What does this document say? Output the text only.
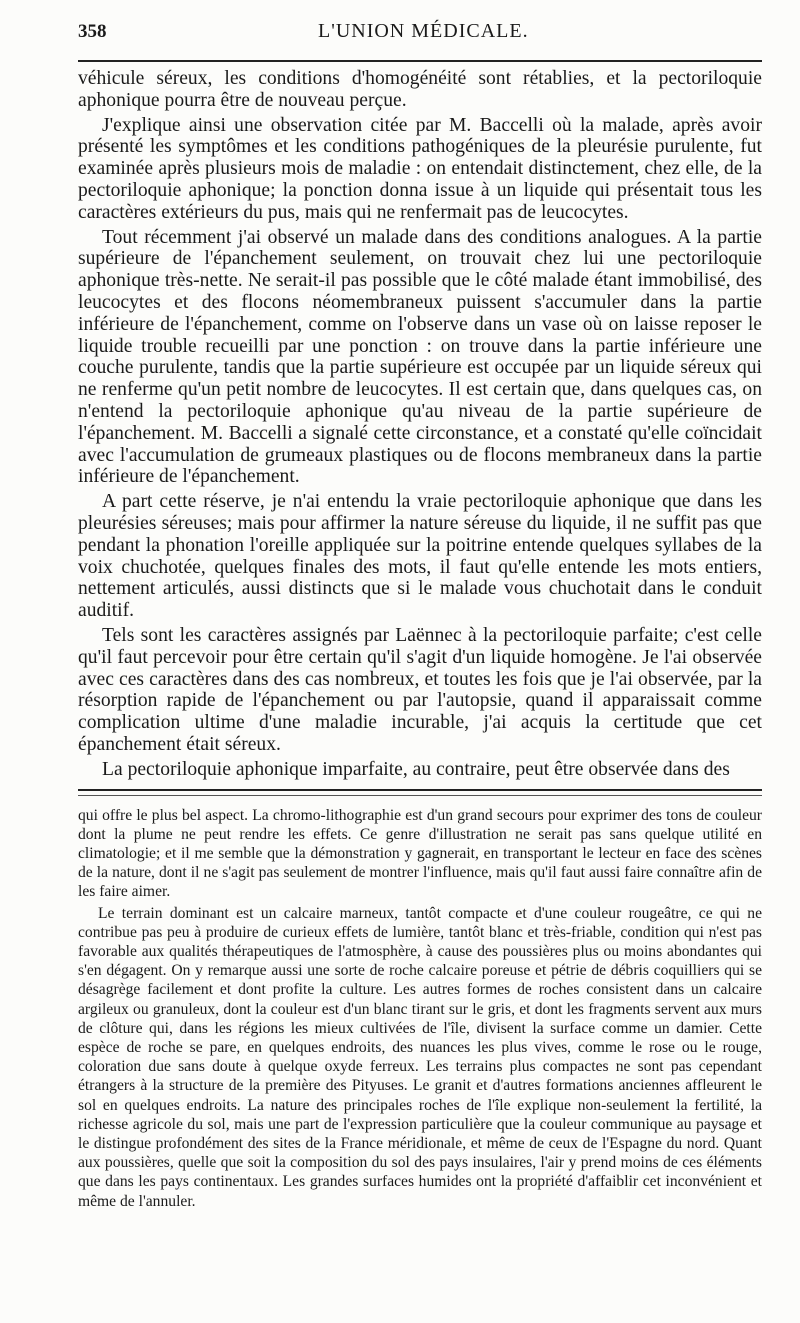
358	L'UNION MÉDICALE.

véhicule séreux, les conditions d'homogénéité sont rétablies, et la pectoriloquie aphonique pourra être de nouveau perçue.

J'explique ainsi une observation citée par M. Baccelli où la malade, après avoir présenté les symptômes et les conditions pathogéniques de la pleurésie purulente, fut examinée après plusieurs mois de maladie : on entendait distinctement, chez elle, de la pectoriloquie aphonique; la ponction donna issue à un liquide qui présentait tous les caractères extérieurs du pus, mais qui ne renfermait pas de leucocytes.

Tout récemment j'ai observé un malade dans des conditions analogues. A la partie supérieure de l'épanchement seulement, on trouvait chez lui une pectoriloquie aphonique très-nette. Ne serait-il pas possible que le côté malade étant immobilisé, des leucocytes et des flocons néomembraneux puissent s'accumuler dans la partie inférieure de l'épanchement, comme on l'observe dans un vase où on laisse reposer le liquide trouble recueilli par une ponction : on trouve dans la partie inférieure une couche purulente, tandis que la partie supérieure est occupée par un liquide séreux qui ne renferme qu'un petit nombre de leucocytes. Il est certain que, dans quelques cas, on n'entend la pectoriloquie aphonique qu'au niveau de la partie supérieure de l'épanchement. M. Baccelli a signalé cette circonstance, et a constaté qu'elle coïncidait avec l'accumulation de grumeaux plastiques ou de flocons membraneux dans la partie inférieure de l'épanchement.

A part cette réserve, je n'ai entendu la vraie pectoriloquie aphonique que dans les pleurésies séreuses; mais pour affirmer la nature séreuse du liquide, il ne suffit pas que pendant la phonation l'oreille appliquée sur la poitrine entende quelques syllabes de la voix chuchotée, quelques finales des mots, il faut qu'elle entende les mots entiers, nettement articulés, aussi distincts que si le malade vous chuchotait dans le conduit auditif.

Tels sont les caractères assignés par Laënnec à la pectoriloquie parfaite; c'est celle qu'il faut percevoir pour être certain qu'il s'agit d'un liquide homogène. Je l'ai observée avec ces caractères dans des cas nombreux, et toutes les fois que je l'ai observée, par la résorption rapide de l'épanchement ou par l'autopsie, quand il apparaissait comme complication ultime d'une maladie incurable, j'ai acquis la certitude que cet épanchement était séreux.

La pectoriloquie aphonique imparfaite, au contraire, peut être observée dans des

qui offre le plus bel aspect. La chromo-lithographie est d'un grand secours pour exprimer des tons de couleur dont la plume ne peut rendre les effets. Ce genre d'illustration ne serait pas sans quelque utilité en climatologie; et il me semble que la démonstration y gagnerait, en transportant le lecteur en face des scènes de la nature, dont il ne s'agit pas seulement de montrer l'influence, mais qu'il faut aussi faire connaître afin de les faire aimer.

Le terrain dominant est un calcaire marneux, tantôt compacte et d'une couleur rougeâtre, ce qui ne contribue pas peu à produire de curieux effets de lumière, tantôt blanc et très-friable, condition qui n'est pas favorable aux qualités thérapeutiques de l'atmosphère, à cause des poussières plus ou moins abondantes qui s'en dégagent. On y remarque aussi une sorte de roche calcaire poreuse et pétrie de débris coquilliers qui se désagrège facilement et dont profite la culture. Les autres formes de roches consistent dans un calcaire argileux ou granuleux, dont la couleur est d'un blanc tirant sur le gris, et dont les fragments servent aux murs de clôture qui, dans les régions les mieux cultivées de l'île, divisent la surface comme un damier. Cette espèce de roche se pare, en quelques endroits, des nuances les plus vives, comme le rose ou le rouge, coloration due sans doute à quelque oxyde ferreux. Les terrains plus compactes ne sont pas cependant étrangers à la structure de la première des Pityuses. Le granit et d'autres formations anciennes affleurent le sol en quelques endroits. La nature des principales roches de l'île explique non-seulement la fertilité, la richesse agricole du sol, mais une part de l'expression particulière que la couleur communique au paysage et le distingue profondément des sites de la France méridionale, et même de ceux de l'Espagne du nord. Quant aux poussières, quelle que soit la composition du sol des pays insulaires, l'air y prend moins de ces éléments que dans les pays continentaux. Les grandes surfaces humides ont la propriété d'affaiblir cet inconvénient et même de l'annuler.
